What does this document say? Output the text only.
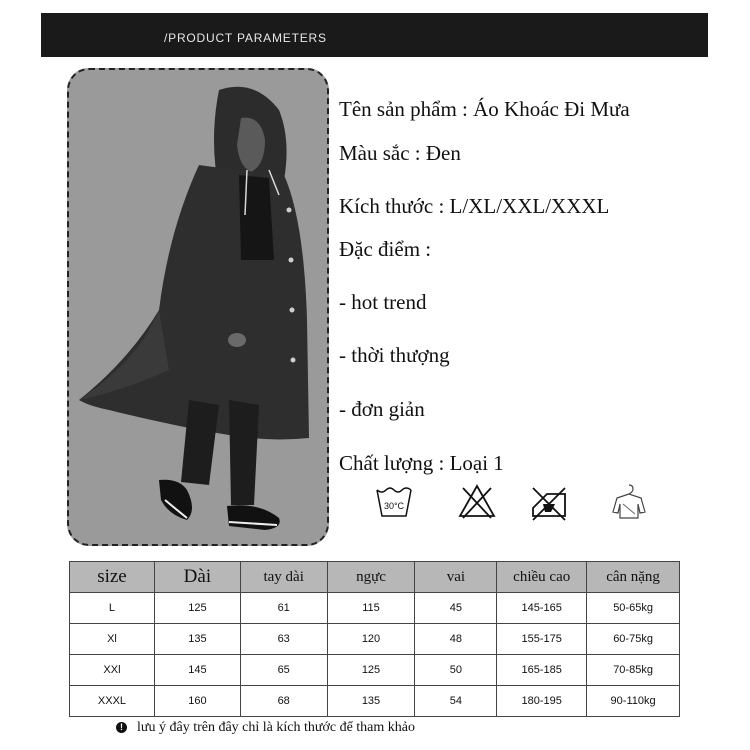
/PRODUCT PARAMETERS
Tên sản phẩm : Áo Khoác Đi Mưa
Màu sắc : Đen
Kích thước : L/XL/XXL/XXXL
Đặc điểm :
- hot trend
- thời thượng
- đơn giản
Chất lượng : Loại 1
30°C
size	Dài	tay dài	ngực	vai	chiều cao	cân nặng
L	125	61	115	45	145-165	50-65kg
Xl	135	63	120	48	155-175	60-75kg
XXl	145	65	125	50	165-185	70-85kg
XXXL	160	68	135	54	180-195	90-110kg
! lưu ý đây trên đây chỉ là kích thước để tham khảo
